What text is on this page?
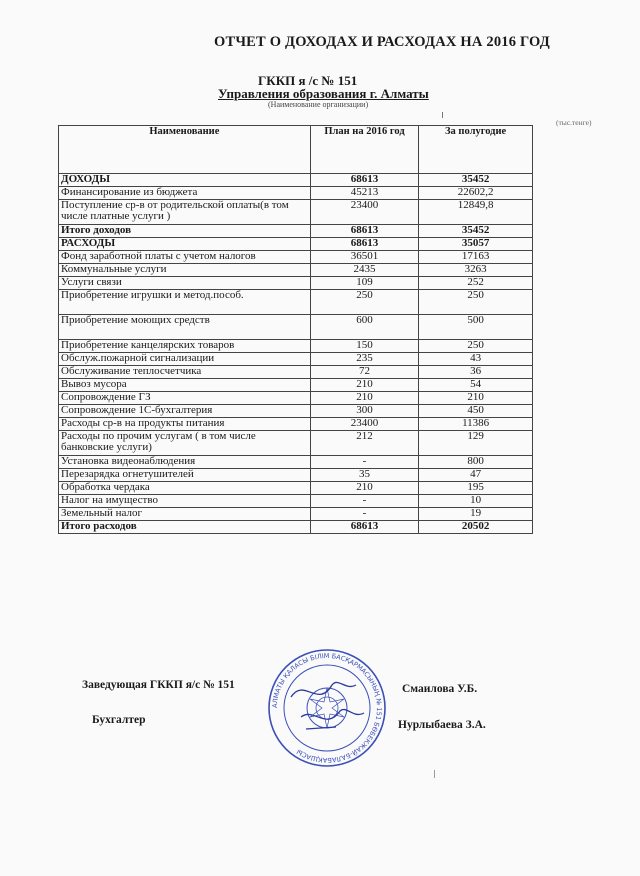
ОТЧЕТ О ДОХОДАХ И РАСХОДАХ НА 2016 ГОД
ГККП я /с № 151
Управления образования г. Алматы
(Наименование организации)
(тыс.тенге)
Наименование	План на 2016 год	За полугодие
ДОХОДЫ	68613	35452
Финансирование из бюджета	45213	22602,2
Поступление ср-в от родительской оплаты(в том числе платные услуги )	23400	12849,8
Итого доходов	68613	35452
РАСХОДЫ	68613	35057
Фонд заработной платы с учетом налогов	36501	17163
Коммунальные услуги	2435	3263
Услуги связи	109	252
Приобретение игрушки и метод.пособ.	250	250
Приобретение моющих средств	600	500
Приобретение канцелярских товаров	150	250
Обслуж.пожарной сигнализации	235	43
Обслуживание теплосчетчика	72	36
Вывоз мусора	210	54
Сопровождение ГЗ	210	210
Сопровождение 1С-бухгалтерия	300	450
Расходы ср-в на продукты питания	23400	11386
Расходы по прочим услугам ( в том числе банковские услуги)	212	129
Установка видеонаблюдения	-	800
Перезарядка огнетушителей	35	47
Обработка чердака	210	195
Налог на имущество	-	10
Земельный налог	-	19
Итого расходов	68613	20502
Заведующая ГККП я/с № 151	Смаилова У.Б.
Бухгалтер	Нурлыбаева З.А.
АЛМАТЫ ҚАЛАСЫ БІЛІМ БАСҚАРМАСЫНЫҢ № 151 БӨБЕКЖАЙ-БАЛАБАҚШАСЫ
